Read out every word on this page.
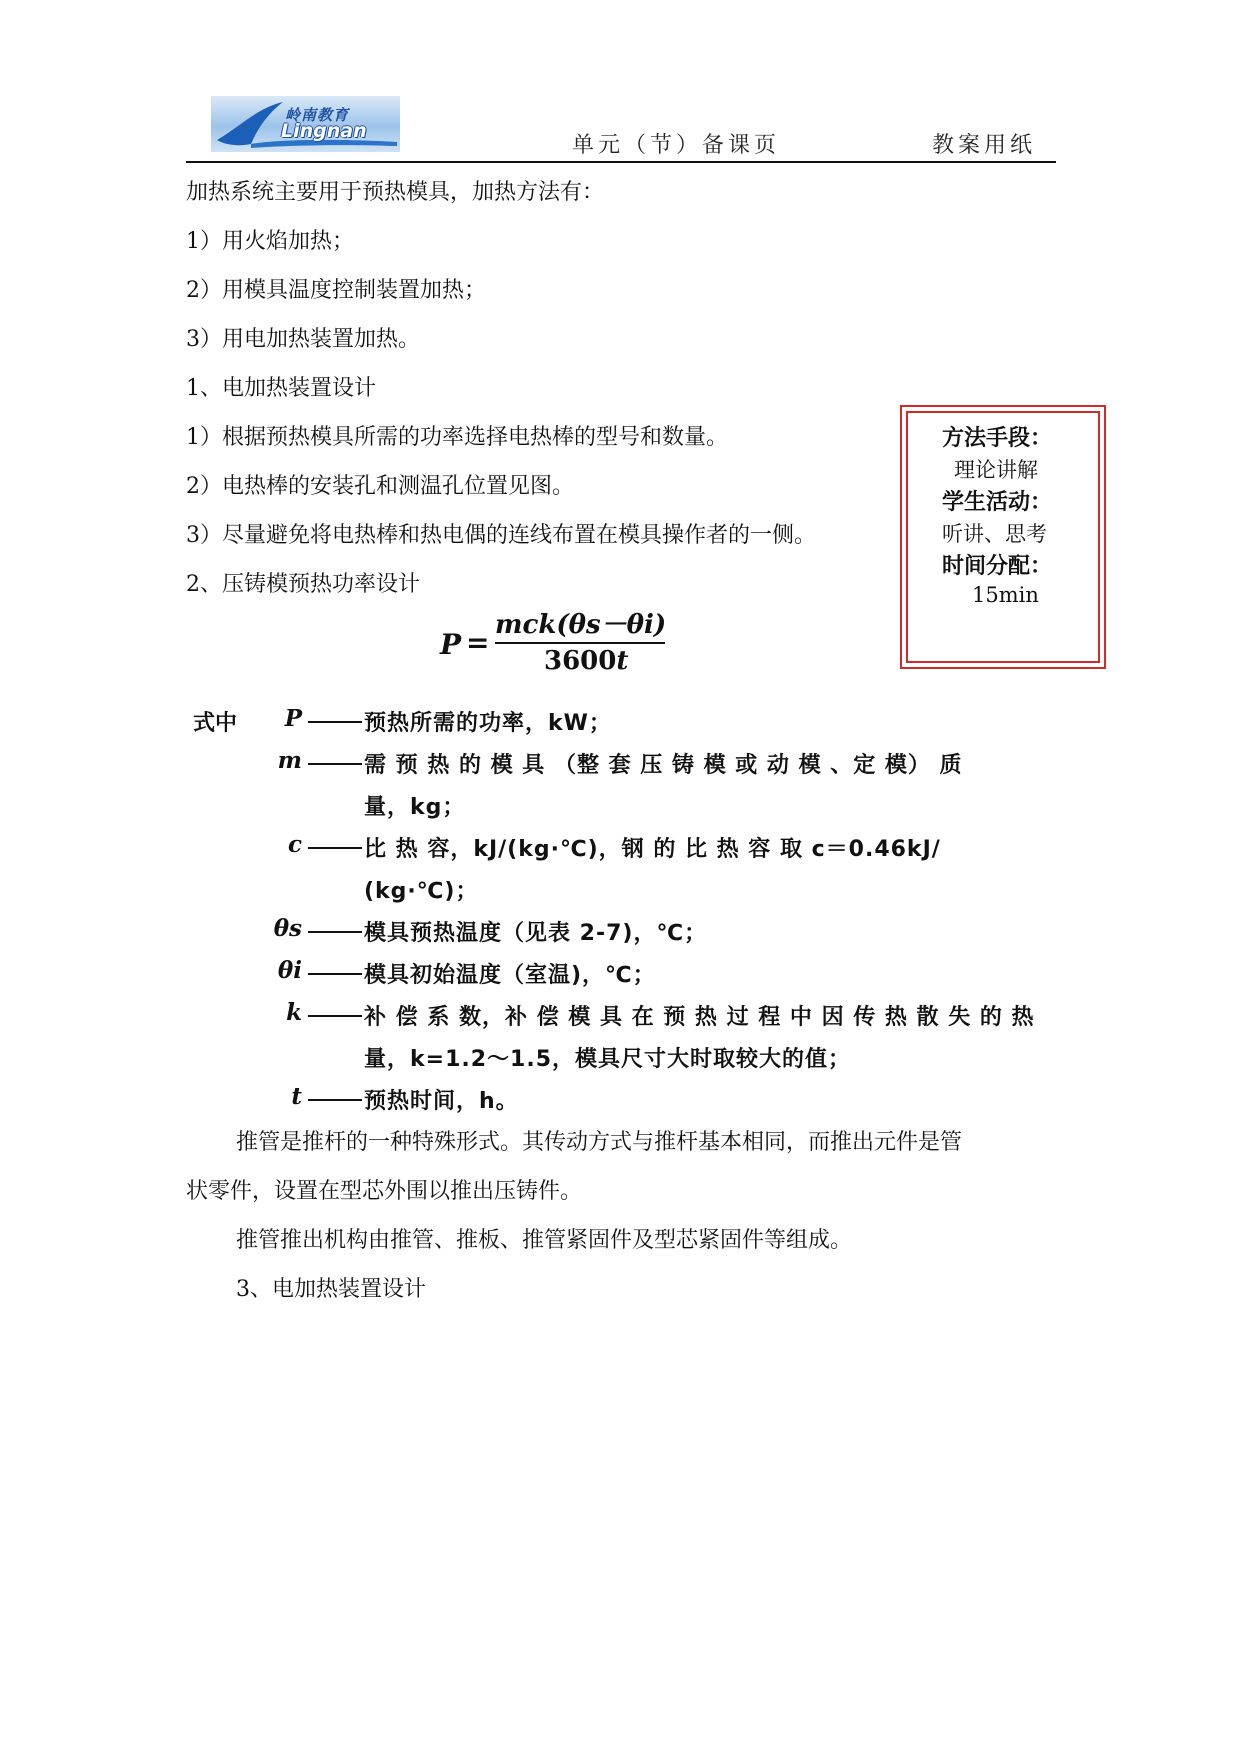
岭南教育
Lingnan
单元（节）备课页	教案用纸
加热系统主要用于预热模具，加热方法有：
1）用火焰加热；
2）用模具温度控制装置加热；
3）用电加热装置加热。
1、电加热装置设计
1）根据预热模具所需的功率选择电热棒的型号和数量。
2）电热棒的安装孔和测温孔位置见图。
3）尽量避免将电热棒和热电偶的连线布置在模具操作者的一侧。
2、压铸模预热功率设计
方法手段：
理论讲解
学生活动：
听讲、思考
时间分配：
15min
P =
mck(θs－θi)
3600t
式中	P	预热所需的功率，kW；
m	需 预 热 的 模 具 （整 套 压 铸 模 或 动 模 、定 模） 质
量，kg；
c	比 热 容，kJ/(kg·℃)，钢 的 比 热 容 取 c＝0.46kJ/
(kg·℃)；
θs	模具预热温度（见表 2-7)，℃；
θi	模具初始温度（室温)，℃；
k	补 偿 系 数，补 偿 模 具 在 预 热 过 程 中 因 传 热 散 失 的 热
量，k=1.2～1.5，模具尺寸大时取较大的值；
t	预热时间，h。
推管是推杆的一种特殊形式。其传动方式与推杆基本相同，而推出元件是管
状零件，设置在型芯外围以推出压铸件。
推管推出机构由推管、推板、推管紧固件及型芯紧固件等组成。
3、电加热装置设计
